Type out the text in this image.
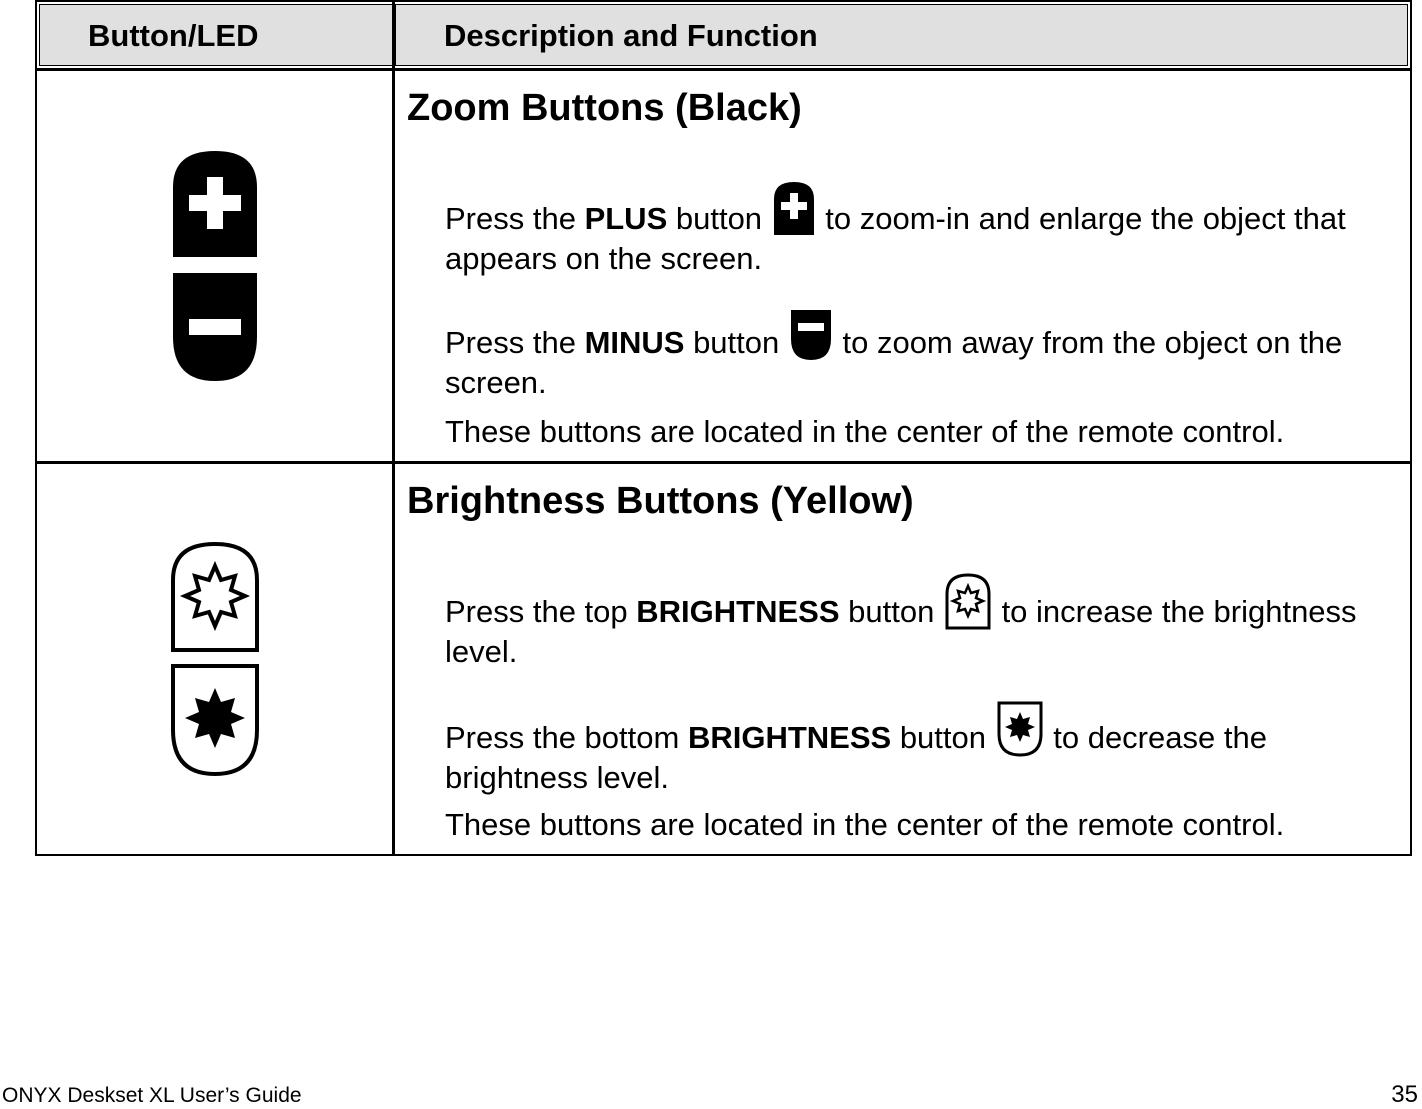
Button/LED	Description and Function
Zoom Buttons (Black)
Press the PLUS button  to zoom-in and enlarge the object that appears on the screen.
Press the MINUS button  to zoom away from the object on the screen.
These buttons are located in the center of the remote control.
Brightness Buttons (Yellow)
Press the top BRIGHTNESS button  to increase the brightness level.
Press the bottom BRIGHTNESS button  to decrease the brightness level.
These buttons are located in the center of the remote control.
ONYX Deskset XL User’s Guide	35
